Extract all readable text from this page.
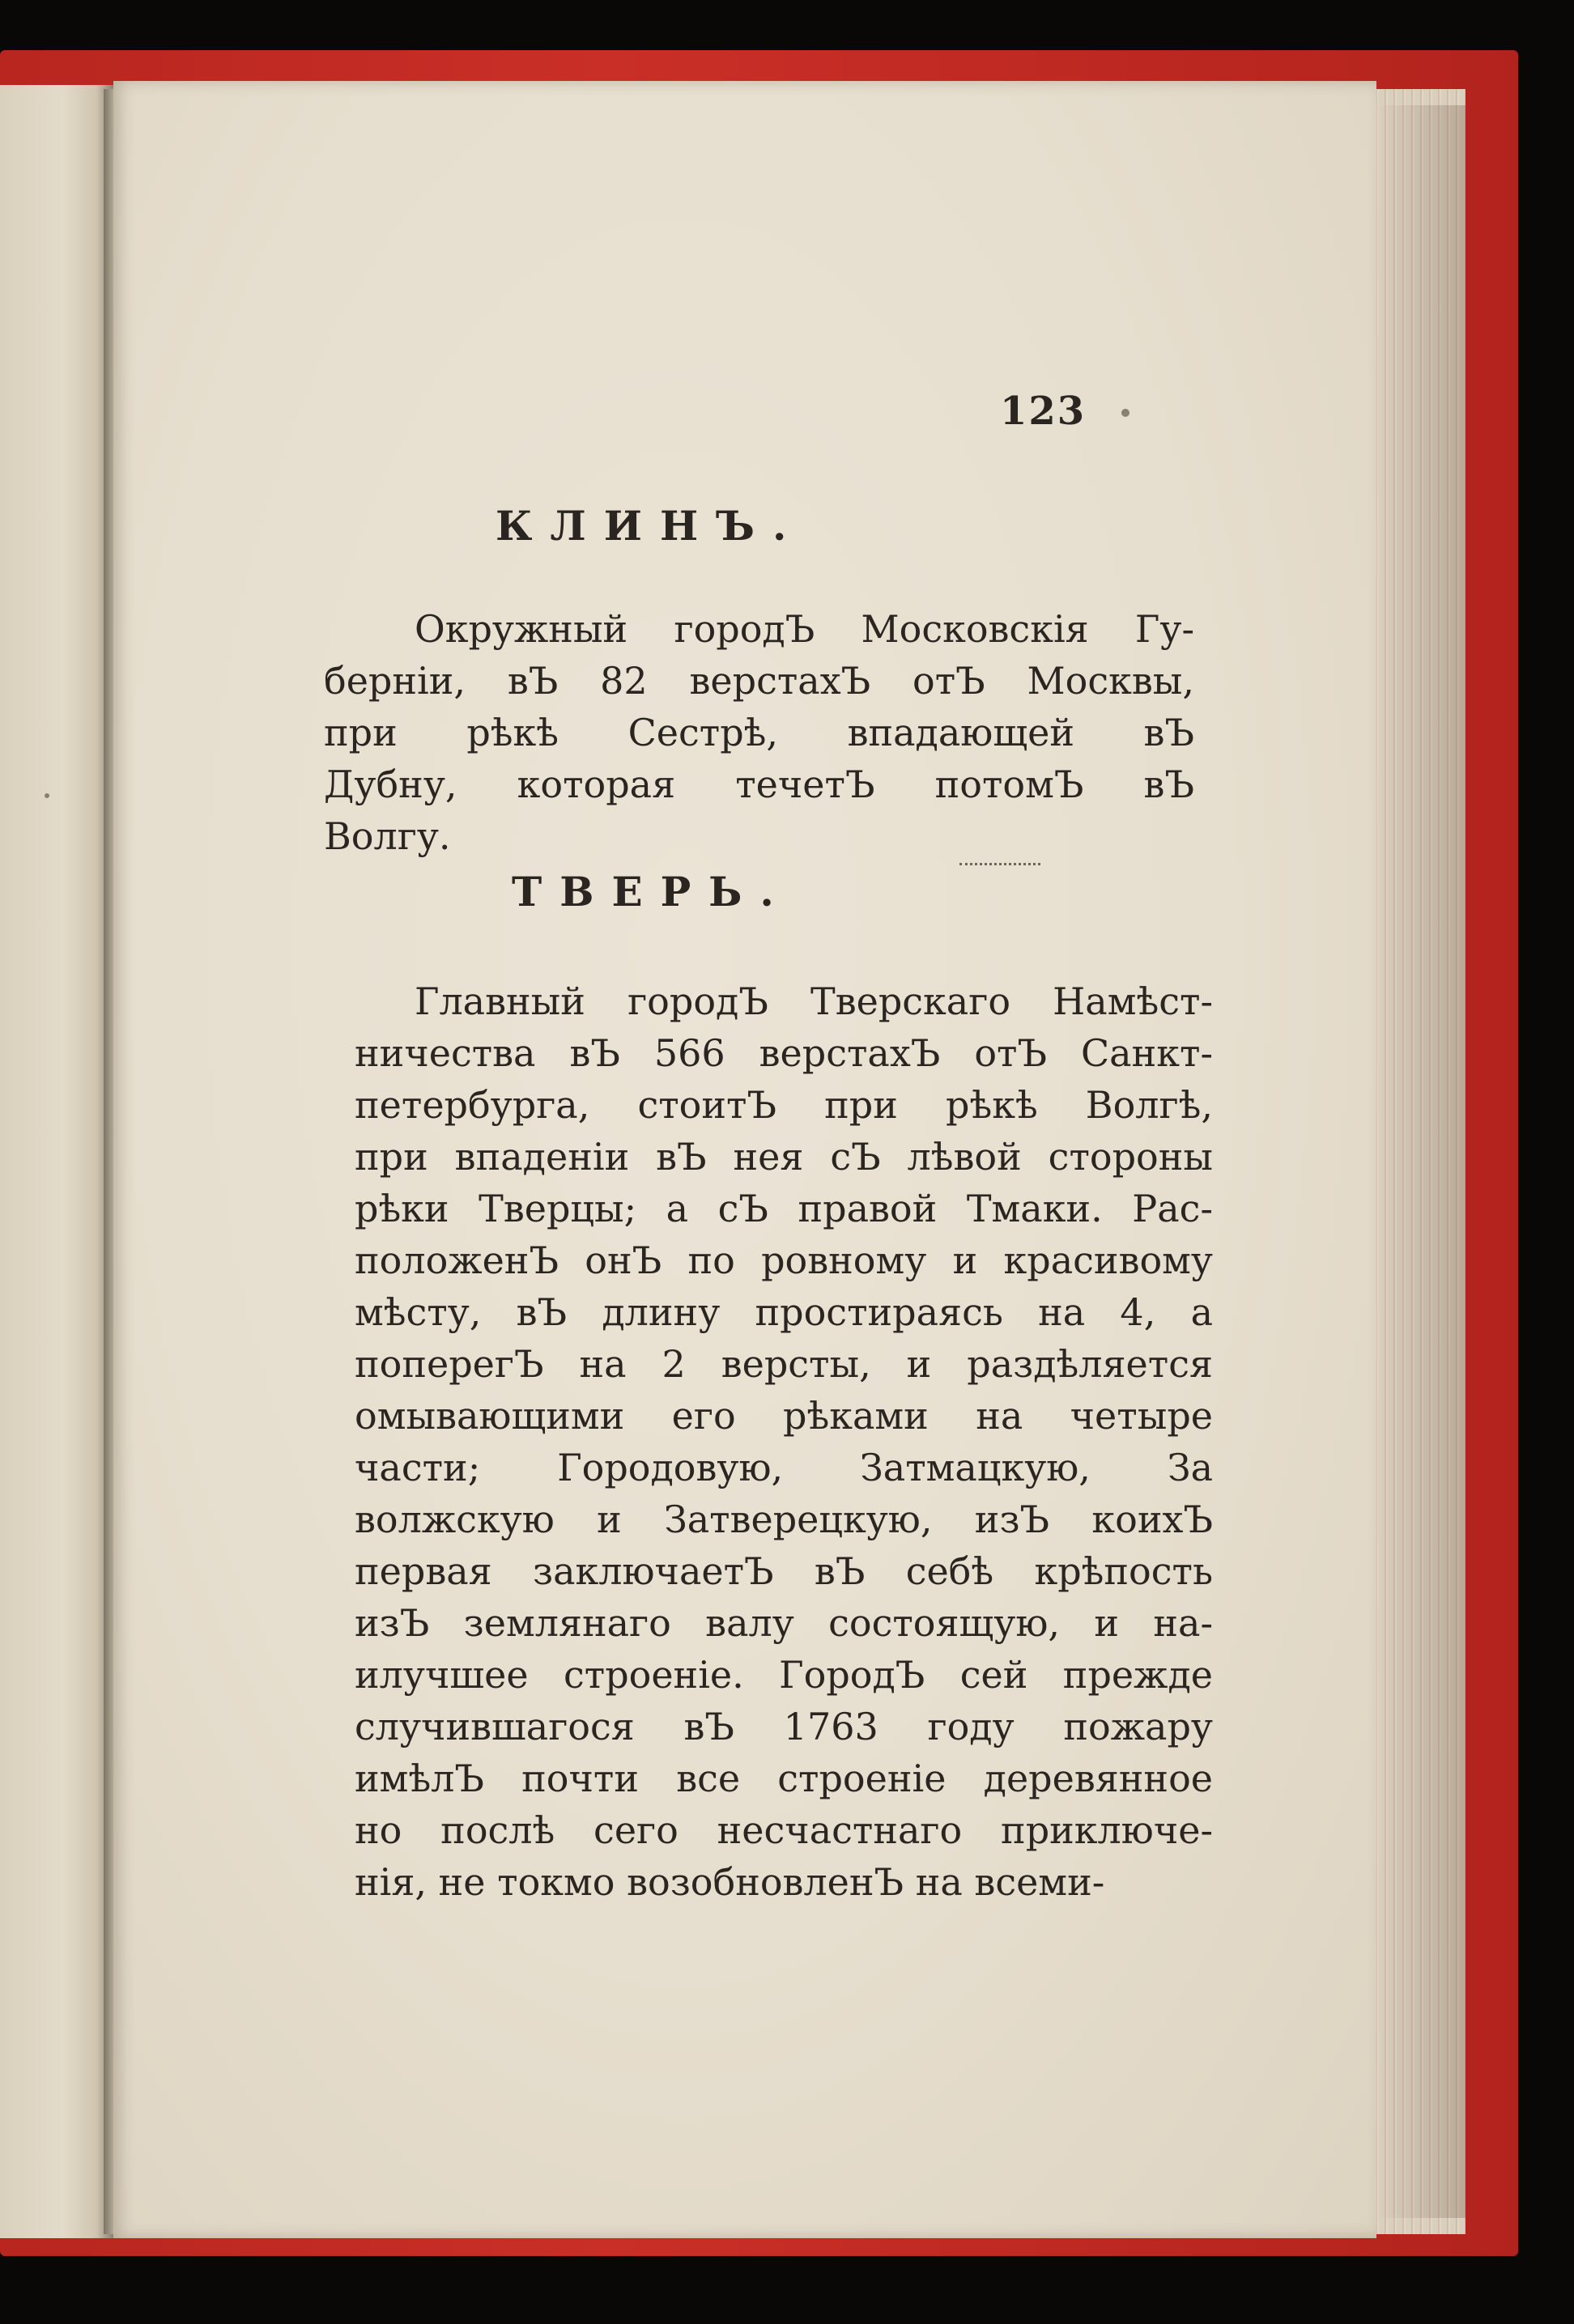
123
КЛИНЪ.
Окружный городЪ Московскія Гу-
берніи, вЪ 82 верстахЪ отЪ Москвы,
при рѣкѣ Сестрѣ, впадающей вЪ
Дубну, которая течетЪ потомЪ вЪ
Волгу.
ТВЕРЬ.
Главный городЪ Тверскаго Намѣст-
ничества вЪ 566 верстахЪ отЪ Санкт-
петербурга, стоитЪ при рѣкѣ Волгѣ,
при впаденіи вЪ нея сЪ лѣвой стороны
рѣки Тверцы; а сЪ правой Тмаки. Рас-
положенЪ онЪ по ровному и красивому
мѣсту, вЪ длину простираясь на 4, а
поперегЪ на 2 версты, и раздѣляется
омывающими его рѣками на четыре
части; Городовую, Затмацкую, За
волжскую и Затверецкую, изЪ коихЪ
первая заключаетЪ вЪ себѣ крѣпость
изЪ землянаго валу состоящую, и на-
илучшее строеніе. ГородЪ сей прежде
случившагося вЪ 1763 году пожару
имѣлЪ почти все строеніе деревянное
но послѣ сего несчастнаго приключе-
нія, не токмо возобновленЪ на всеми-
